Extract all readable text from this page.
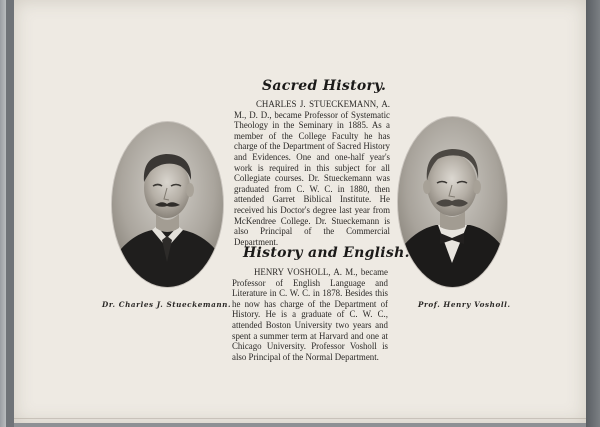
Dr. Charles J. Stueckemann.	Prof. Henry Vosholl.
Sacred History.

CHARLES J. STUECKEMANN, A. M., D. D., became Professor of Systematic Theology in the Seminary in 1885. As a member of the College Faculty he has charge of the Department of Sacred History and Evidences. One and one-half year's work is required in this subject for all Collegiate courses. Dr. Stueckemann was graduated from C. W. C. in 1880, then attended Garret Biblical Institute. He received his Doctor's degree last year from McKendree College. Dr. Stueckemann is also Principal of the Commercial Department.

History and English.

HENRY VOSHOLL, A. M., became Professor of English Language and Literature in C. W. C. in 1878. Besides this he now has charge of the Department of History. He is a graduate of C. W. C., attended Boston University two years and spent a summer term at Harvard and one at Chicago University. Professor Vosholl is also Principal of the Normal Department.
